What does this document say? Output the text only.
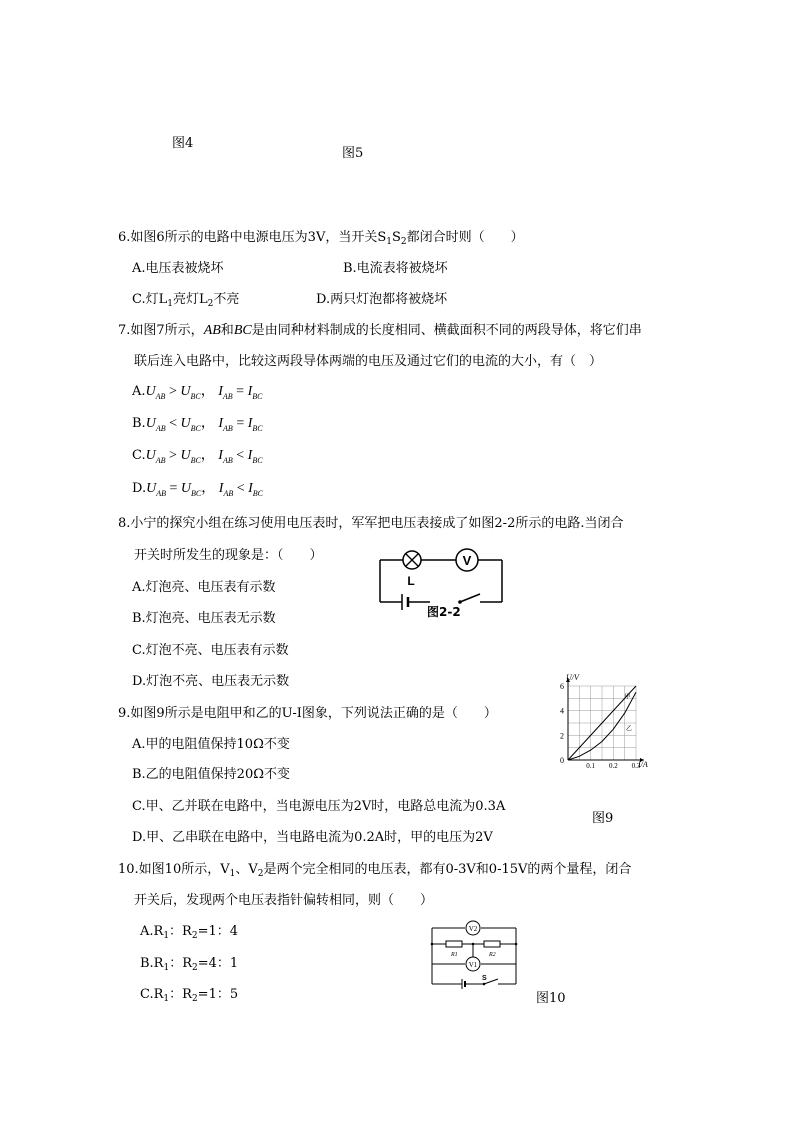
图4
图5
6.如图6所示的电路中电源电压为3V，当开关$S_1S_2$都闭合时则（　　）
A.电压表被烧坏	B.电流表将被烧坏
C.灯$L_1$亮灯$L_2$不亮	D.两只灯泡都将被烧坏
7.如图7所示，AB和BC是由同种材料制成的长度相同、横截面积不同的两段导体，将它们串
联后连入电路中，比较这两段导体两端的电压及通过它们的电流的大小，有（　）
$A.U_{AB} > U_{BC}$， $I_{AB} = I_{BC}$
$B.U_{AB} < U_{BC}$， $I_{AB} = I_{BC}$
$C.U_{AB} > U_{BC}$， $I_{AB} < I_{BC}$
$D.U_{AB} = U_{BC}$， $I_{AB} < I_{BC}$
8.小宁的探究小组在练习使用电压表时，军军把电压表接成了如图2-2所示的电路.当闭合
开关时所发生的现象是：（　　）
A.灯泡亮、电压表有示数
B.灯泡亮、电压表无示数
C.灯泡不亮、电压表有示数
D.灯泡不亮、电压表无示数
V
L
图2-2
9.如图9所示是电阻甲和乙的U-I图象，下列说法正确的是（　　）
A.甲的电阻值保持10Ω不变
B.乙的电阻值保持20Ω不变
C.甲、乙并联在电路中，当电源电压为2V时，电路总电流为0.3A
D.甲、乙串联在电路中，当电路电流为0.2A时，甲的电压为2V
图9
0.1 0.2 0.3
0
2
4
6
甲
乙
U/V
I/A
10.如图10所示，$V_1$、$V_2$是两个完全相同的电压表，都有0-3V和0-15V的两个量程，闭合
开关后，发现两个电压表指针偏转相同，则（　　）
$A.R_1$：$R_2=1$：4
$B.R_1$：$R_2=4$：1
$C.R_1$：$R_2=1$：5	图10
V2
R1	R2
V1
S
